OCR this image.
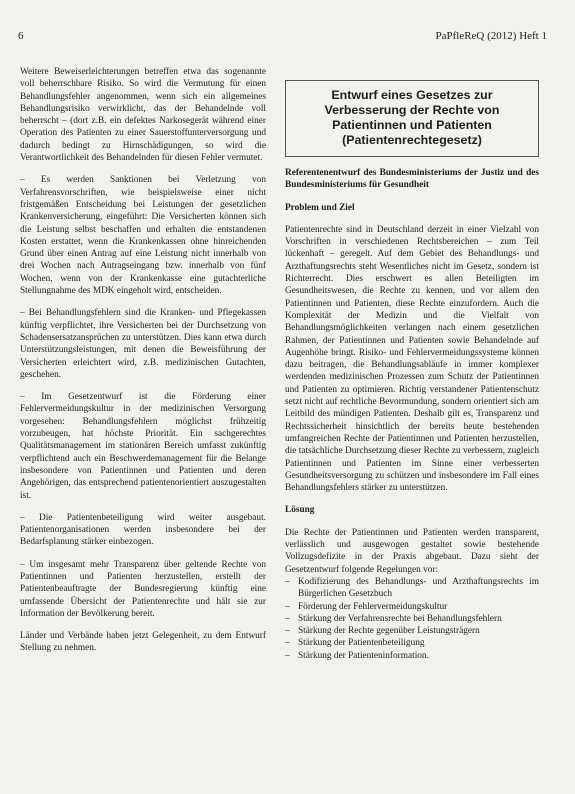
6	PaPfleReQ (2012) Heft 1

Weitere Beweiserleichterungen betreffen etwa das sogenannte voll beherrschbare Risiko. So wird die Vermutung für einen Behandlungsfehler angenommen, wenn sich ein allgemeines Behandlungsrisiko verwirklicht, das der Behandelnde voll beherrscht – (dort z.B. ein defektes Narkosegerät während einer Operation des Patienten zu einer Sauerstoffunterversorgung und dadurch bedingt zu Hirnschädigungen, so wird die Verantwortlichkeit des Behandelnden für diesen Fehler vermutet.

– Es werden Sanktionen bei Verletzung von Verfahrensvorschriften, wie beispielsweise einer nicht fristgemäßen Entscheidung bei Leistungen der gesetzlichen Krankenversicherung, eingeführt: Die Versicherten können sich die Leistung selbst beschaffen und erhalten die entstandenen Kosten erstattet, wenn die Krankenkassen ohne hinreichenden Grund über einen Antrag auf eine Leistung nicht innerhalb von drei Wochen nach Antragseingang bzw. innerhalb von fünf Wochen, wenn von der Krankenkasse eine gutachterliche Stellungnahme des MDK eingeholt wird, entscheiden.

– Bei Behandlungsfehlern sind die Kranken- und Pflegekassen künftig verpflichtet, ihre Versicherten bei der Durchsetzung von Schadensersatzansprüchen zu unterstützen. Dies kann etwa durch Unterstützungsleistungen, mit denen die Beweisführung der Versicherten erleichtert wird, z.B. medizinischen Gutachten, geschehen.

– Im Gesetzentwurf ist die Förderung einer Fehlervermeidungskultur in der medizinischen Versorgung vorgesehen: Behandlungsfehlern möglichst frühzeitig vorzubeugen, hat höchste Priorität. Ein sachgerechtes Qualitätsmanagement im stationären Bereich umfasst zukünftig verpflichtend auch ein Beschwerdemanagement für die Belange insbesondere von Patientinnen und Patienten und deren Angehörigen, das entsprechend patientenorientiert auszugestalten ist.

– Die Patientenbeteiligung wird weiter ausgebaut. Patientenorganisationen werden insbesondere bei der Bedarfsplanung stärker einbezogen.

– Um insgesamt mehr Transparenz über geltende Rechte von Patientinnen und Patienten herzustellen, erstellt der Patientenbeauftragte der Bundesregierung künftig eine umfassende Übersicht der Patientenrechte und hält sie zur Information der Bevölkerung bereit.

Länder und Verbände haben jetzt Gelegenheit, zu dem Entwurf Stellung zu nehmen.

Entwurf eines Gesetzes zur Verbesserung der Rechte von Patientinnen und Patienten (Patientenrechtegesetz)

Referentenentwurf des Bundesministeriums der Justiz und des Bundesministeriums für Gesundheit

Problem und Ziel

Patientenrechte sind in Deutschland derzeit in einer Vielzahl von Vorschriften in verschiedenen Rechtsbereichen – zum Teil lückenhaft – geregelt. Auf dem Gebiet des Behandlungs- und Arzthaftungsrechts steht Wesentliches nicht im Gesetz, sondern ist Richterrecht. Dies erschwert es allen Beteiligten im Gesundheitswesen, die Rechte zu kennen, und vor allem den Patientinnen und Patienten, diese Rechte einzufordern. Auch die Komplexität der Medizin und die Vielfalt von Behandlungsmöglichkeiten verlangen nach einem gesetzlichen Rahmen, der Patientinnen und Patienten sowie Behandelnde auf Augenhöhe bringt. Risiko- und Fehlervermeidungssysteme können dazu beitragen, die Behandlungsabläufe in immer komplexer werdenden medizinischen Prozessen zum Schutz der Patientinnen und Patienten zu optimieren. Richtig verstandener Patientenschutz setzt nicht auf rechtliche Bevormundung, sondern orientiert sich am Leitbild des mündigen Patienten. Deshalb gilt es, Transparenz und Rechtssicherheit hinsichtlich der bereits heute bestehenden umfangreichen Rechte der Patientinnen und Patienten herzustellen, die tatsächliche Durchsetzung dieser Rechte zu verbessern, zugleich Patientinnen und Patienten im Sinne einer verbesserten Gesundheitsversorgung zu schützen und insbesondere im Fall eines Behandlungsfehlers stärker zu unterstützen.

Lösung

Die Rechte der Patientinnen und Patienten werden transparent, verlässlich und ausgewogen gestaltet sowie bestehende Vollzugsdefizite in der Praxis abgebaut. Dazu sieht der Gesetzentwurf folgende Regelungen vor:

– Kodifizierung des Behandlungs- und Arzthaftungsrechts im Bürgerlichen Gesetzbuch
– Förderung der Fehlervermeidungskultur
– Stärkung der Verfahrensrechte bei Behandlungsfehlern
– Stärkung der Rechte gegenüber Leistungsträgern
– Stärkung der Patientenbeteiligung
– Stärkung der Patienteninformation.
